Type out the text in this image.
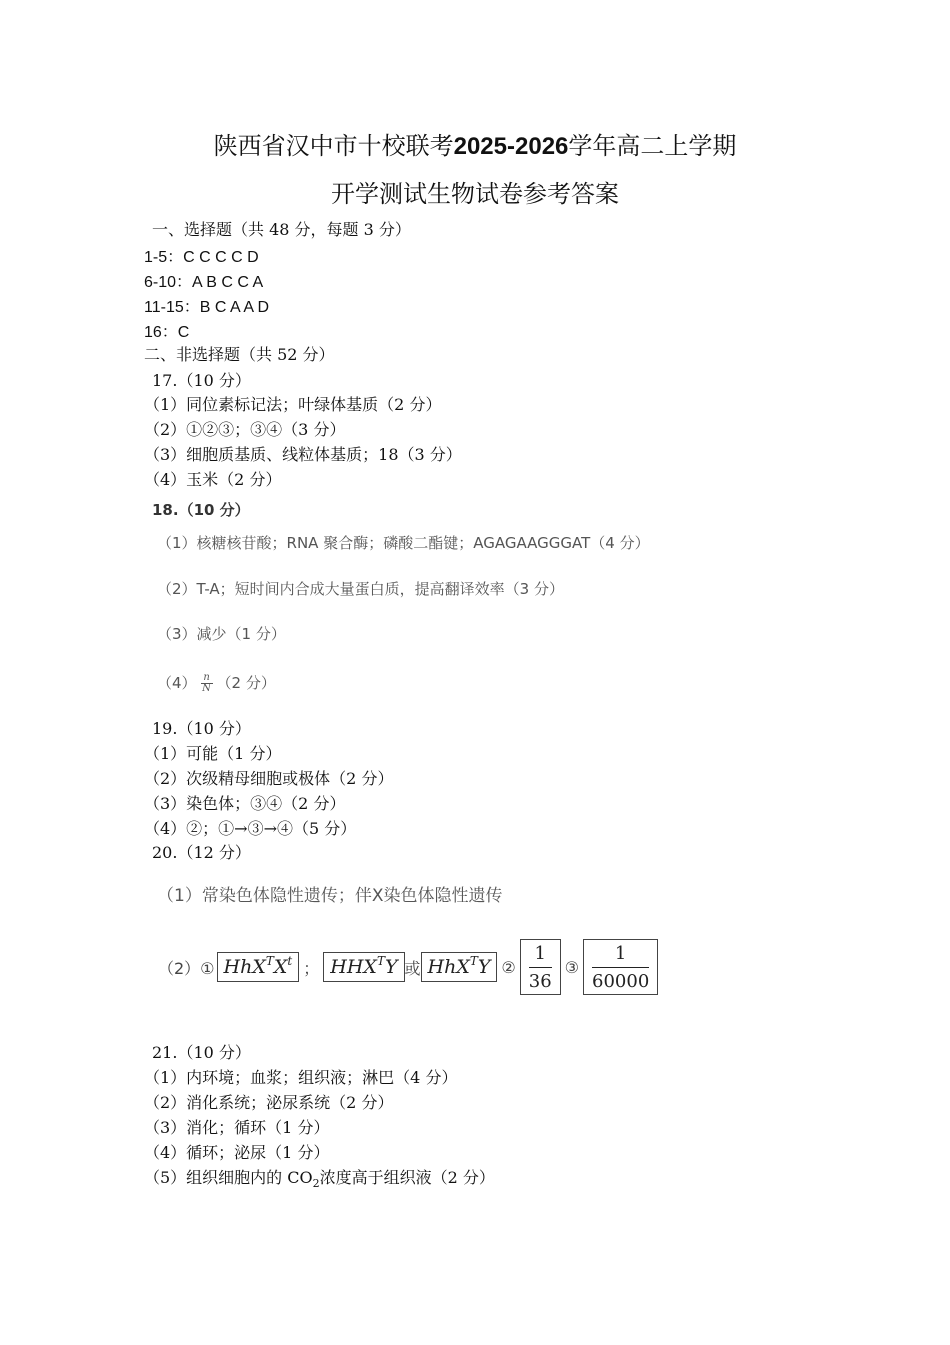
陕西省汉中市十校联考2025-2026学年高二上学期
开学测试生物试卷参考答案
一、选择题（共 48 分，每题 3 分）
1-5：C C C C D
6-10：A B C C A
11-15：B C A A D
16：C
二、非选择题（共 52 分）
17.（10 分）
（1）同位素标记法；叶绿体基质（2 分）
（2）①②③；③④（3 分）
（3）细胞质基质、线粒体基质；18（3 分）
（4）玉米（2 分）
18.（10 分）
（1）核糖核苷酸；RNA 聚合酶；磷酸二酯键；AGAGAAGGGAT（4 分）
（2）T-A；短时间内合成大量蛋白质，提高翻译效率（3 分）
（3）减少（1 分）
$(4) \frac{n}{N} (2$ 分）
19.（10 分）
（1）可能（1 分）
（2）次级精母细胞或极体（2 分）
（3）染色体；③④（2 分）
（4）②；①→③→④（5 分）
20.（12 分）
（1）常染色体隐性遗传；伴X染色体隐性遗传
（2）① HhX$^T$ $X^t$ ； $HHX^T$ Y 或 HhX$^T$ Y ②
1
36
③
1
60000
21.（10 分）
（1）内环境；血浆；组织液；淋巴（4 分）
（2）消化系统；泌尿系统（2 分）
（3）消化；循环（1 分）
（4）循环；泌尿（1 分）
（5）组织细胞内的 $CO_2$浓度高于组织液（2 分）
